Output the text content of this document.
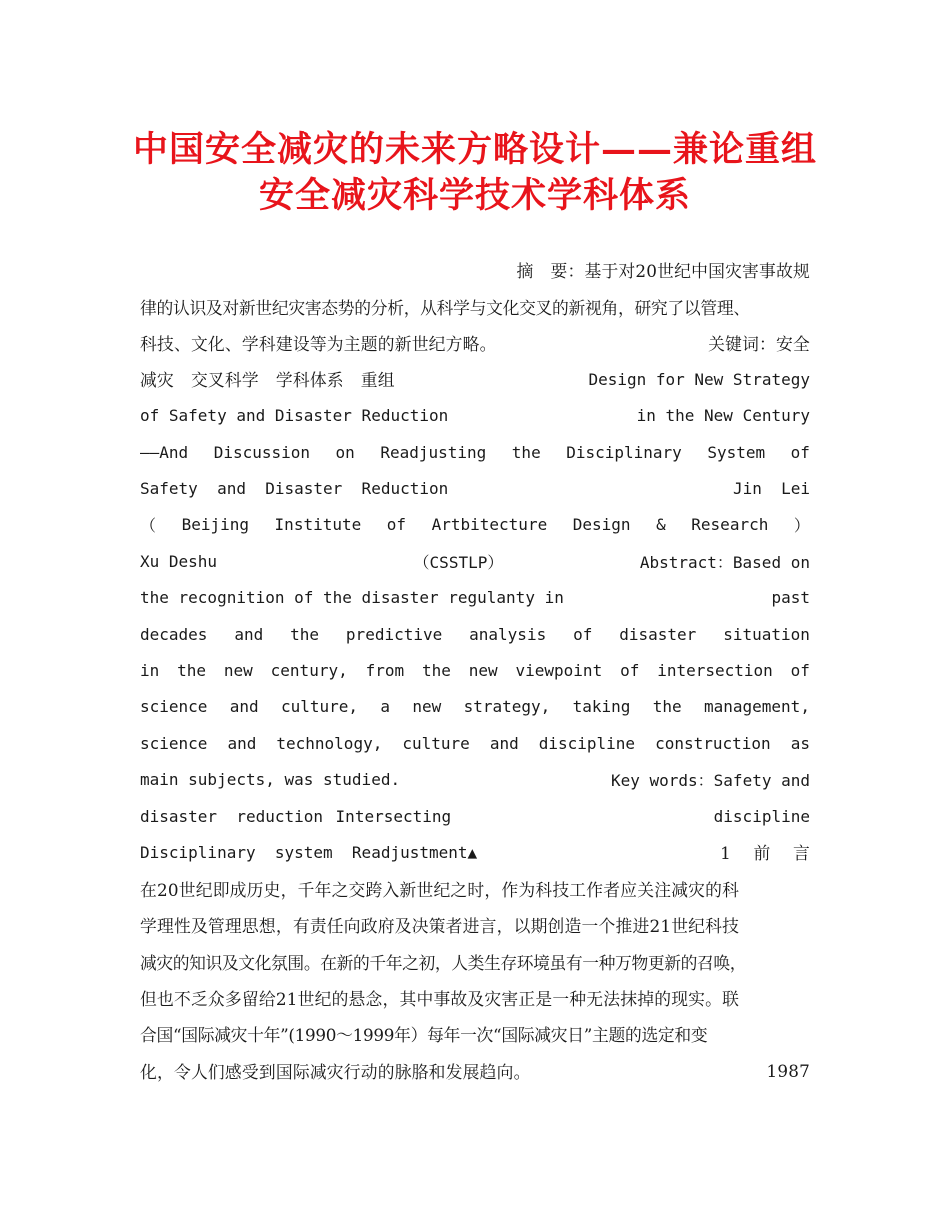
中国安全减灾的未来方略设计——兼论重组
安全减灾科学技术学科体系
摘　要：基于对20世纪中国灾害事故规
律的认识及对新世纪灾害态势的分析，从科学与文化交叉的新视角，研究了以管理、
科技、文化、学科建设等为主题的新世纪方略。	关键词：安全
减灾　交叉科学　学科体系　重组	Design for New Strategy
of Safety and Disaster Reduction	in the New Century
——And Discussion on Readjusting the Disciplinary System of
Safety  and  Disaster  Reduction	Jin  Lei
（ Beijing Institute of Artbitecture Design & Research ）
Xu Deshu	（CSSTLP）	Abstract：Based on
the recognition of the disaster regulanty in	past
decades and the predictive analysis of disaster situation
in the new century, from the new viewpoint of intersection of
science and culture, a new strategy, taking the management,
science and technology, culture and discipline construction as
main subjects, was studied.	Key words：Safety and
disaster  reduction Intersecting	discipline
Disciplinary  system  Readjustment▲	1　 前　 言
在20世纪即成历史，千年之交跨入新世纪之时，作为科技工作者应关注减灾的科
学理性及管理思想，有责任向政府及决策者进言，以期创造一个推进21世纪科技
减灾的知识及文化氛围。在新的千年之初，人类生存环境虽有一种万物更新的召唤，
但也不乏众多留给21世纪的悬念，其中事故及灾害正是一种无法抹掉的现实。联
合国“国际减灾十年”(1990～1999年）每年一次“国际减灾日”主题的选定和变
化，令人们感受到国际减灾行动的脉胳和发展趋向。	1987
